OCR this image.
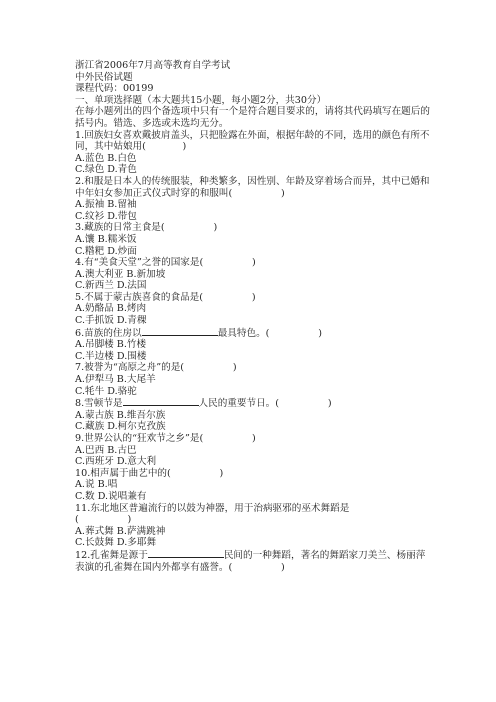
浙江省2006年7月高等教育自学考试
中外民俗试题
课程代码：00199
一、单项选择题（本大题共15小题，每小题2分，共30分）
在每小题列出的四个备选项中只有一个是符合题目要求的，请将其代码填写在题后的括号内。错选、多选或未选均无分。
1.回族妇女喜欢戴披肩盖头，只把脸露在外面，根据年龄的不同，选用的颜色有所不同，其中姑娘用(	)
A.蓝色 B.白色
C.绿色 D.青色
2.和服是日本人的传统服装，种类繁多，因性别、年龄及穿着场合而异，其中已婚和中年妇女参加正式仪式时穿的和服叫(	)
A.振袖 B.留袖
C.纹衫 D.带包
3.藏族的日常主食是(	)
A.馕 B.糯米饭
C.糌粑 D.炒面
4.有“美食天堂”之誉的国家是(	)
A.澳大利亚 B.新加坡
C.新西兰 D.法国
5.不属于蒙古族喜食的食品是(	)
A.奶酪品 B.烤肉
C.手抓饭 D.青稞
6.苗族的住房以	最具特色。(	)
A.吊脚楼 B.竹楼
C.半边楼 D.围楼
7.被誉为“高原之舟”的是(	)
A.伊犁马 B.大尾羊
C.牦牛 D.骆驼
8.雪顿节是	人民的重要节日。(	)
A.蒙古族 B.维吾尔族
C.藏族 D.柯尔克孜族
9.世界公认的“狂欢节之乡”是(	)
A.巴西 B.古巴
C.西班牙 D.意大利
10.相声属于曲艺中的(	)
A.说 B.唱
C.数 D.说唱兼有
11.东北地区普遍流行的以鼓为神器，用于治病驱邪的巫术舞蹈是
(	)
A.葬式舞 B.萨满跳神
C.长鼓舞 D.多耶舞
12.孔雀舞是源于	民间的一种舞蹈，著名的舞蹈家刀美兰、杨丽萍表演的孔雀舞在国内外都享有盛誉。(	)
